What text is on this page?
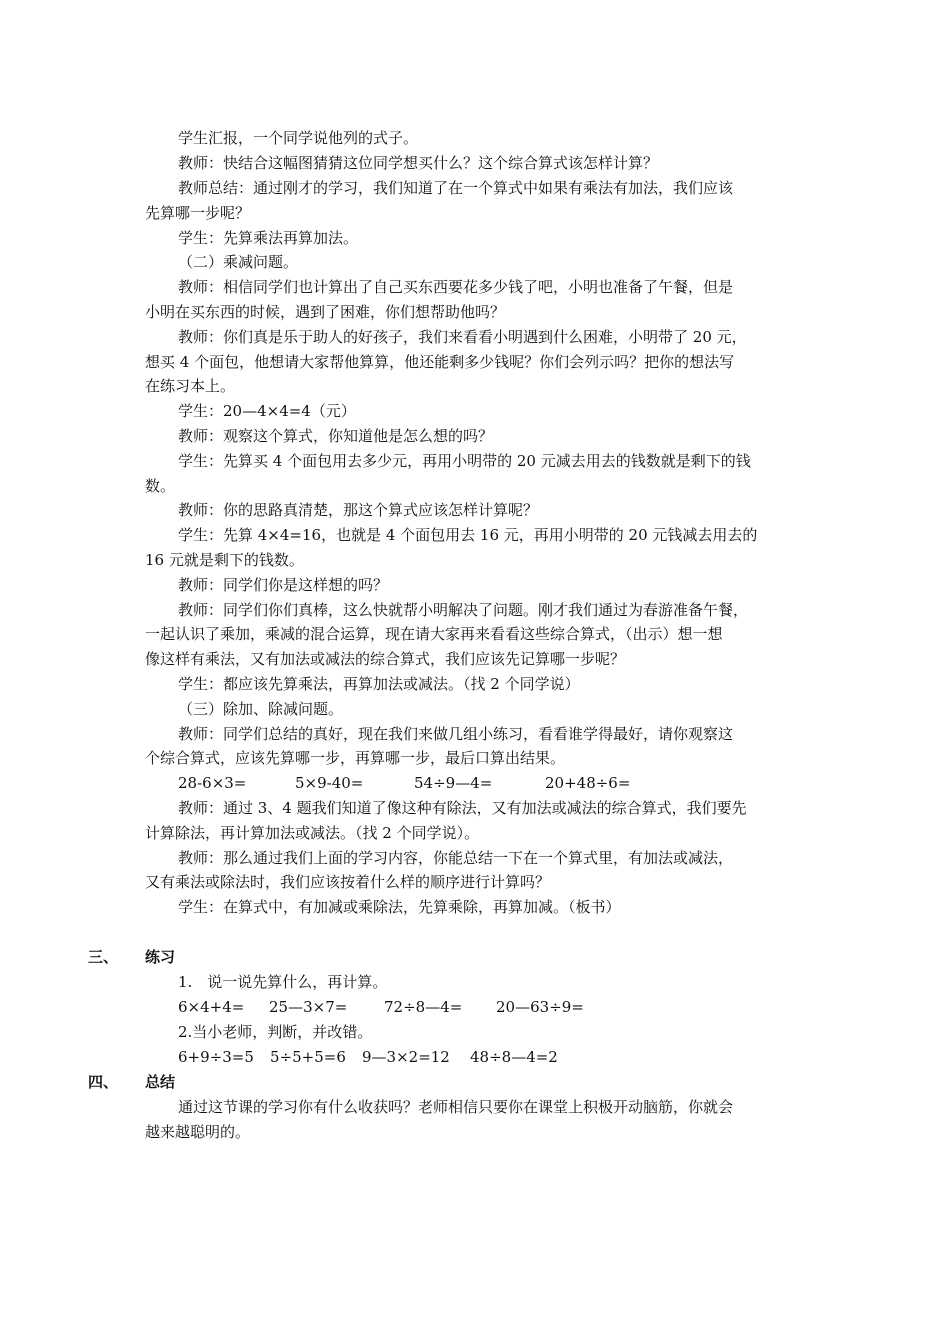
学生汇报，一个同学说他列的式子。
教师：快结合这幅图猜猜这位同学想买什么？这个综合算式该怎样计算？
教师总结：通过刚才的学习，我们知道了在一个算式中如果有乘法有加法，我们应该
先算哪一步呢？
学生：先算乘法再算加法。
（二）乘减问题。
教师：相信同学们也计算出了自己买东西要花多少钱了吧，小明也准备了午餐，但是
小明在买东西的时候，遇到了困难，你们想帮助他吗？
教师：你们真是乐于助人的好孩子，我们来看看小明遇到什么困难，小明带了 20 元，
想买 4 个面包，他想请大家帮他算算，他还能剩多少钱呢？你们会列示吗？把你的想法写
在练习本上。
学生：20—4×4=4（元）
教师：观察这个算式，你知道他是怎么想的吗？
学生：先算买 4 个面包用去多少元，再用小明带的 20 元减去用去的钱数就是剩下的钱
数。
教师：你的思路真清楚，那这个算式应该怎样计算呢？
学生：先算 4×4=16，也就是 4 个面包用去 16 元，再用小明带的 20 元钱减去用去的
16 元就是剩下的钱数。
教师：同学们你是这样想的吗？
教师：同学们你们真棒，这么快就帮小明解决了问题。刚才我们通过为春游准备午餐，
一起认识了乘加，乘减的混合运算，现在请大家再来看看这些综合算式，（出示）想一想
像这样有乘法，又有加法或减法的综合算式，我们应该先记算哪一步呢？
学生：都应该先算乘法，再算加法或减法。（找 2 个同学说）
（三）除加、除减问题。
教师：同学们总结的真好，现在我们来做几组小练习，看看谁学得最好，请你观察这
个综合算式，应该先算哪一步，再算哪一步，最后口算出结果。
28-6×3=	5×9-40=	54÷9—4=	20+48÷6=
教师：通过 3、4 题我们知道了像这种有除法，又有加法或减法的综合算式，我们要先
计算除法，再计算加法或减法。（找 2 个同学说）。
教师：那么通过我们上面的学习内容，你能总结一下在一个算式里，有加法或减法，
又有乘法或除法时，我们应该按着什么样的顺序进行计算吗？
学生：在算式中，有加减或乘除法，先算乘除，再算加减。（板书）
三、 练习
1.　说一说先算什么，再计算。
6×4+4= 25—3×7= 72÷8—4= 20—63÷9=
2.当小老师，判断，并改错。
6+9÷3=5 5÷5+5=6 9—3×2=12 48÷8—4=2
四、 总结
通过这节课的学习你有什么收获吗？老师相信只要你在课堂上积极开动脑筋，你就会
越来越聪明的。
